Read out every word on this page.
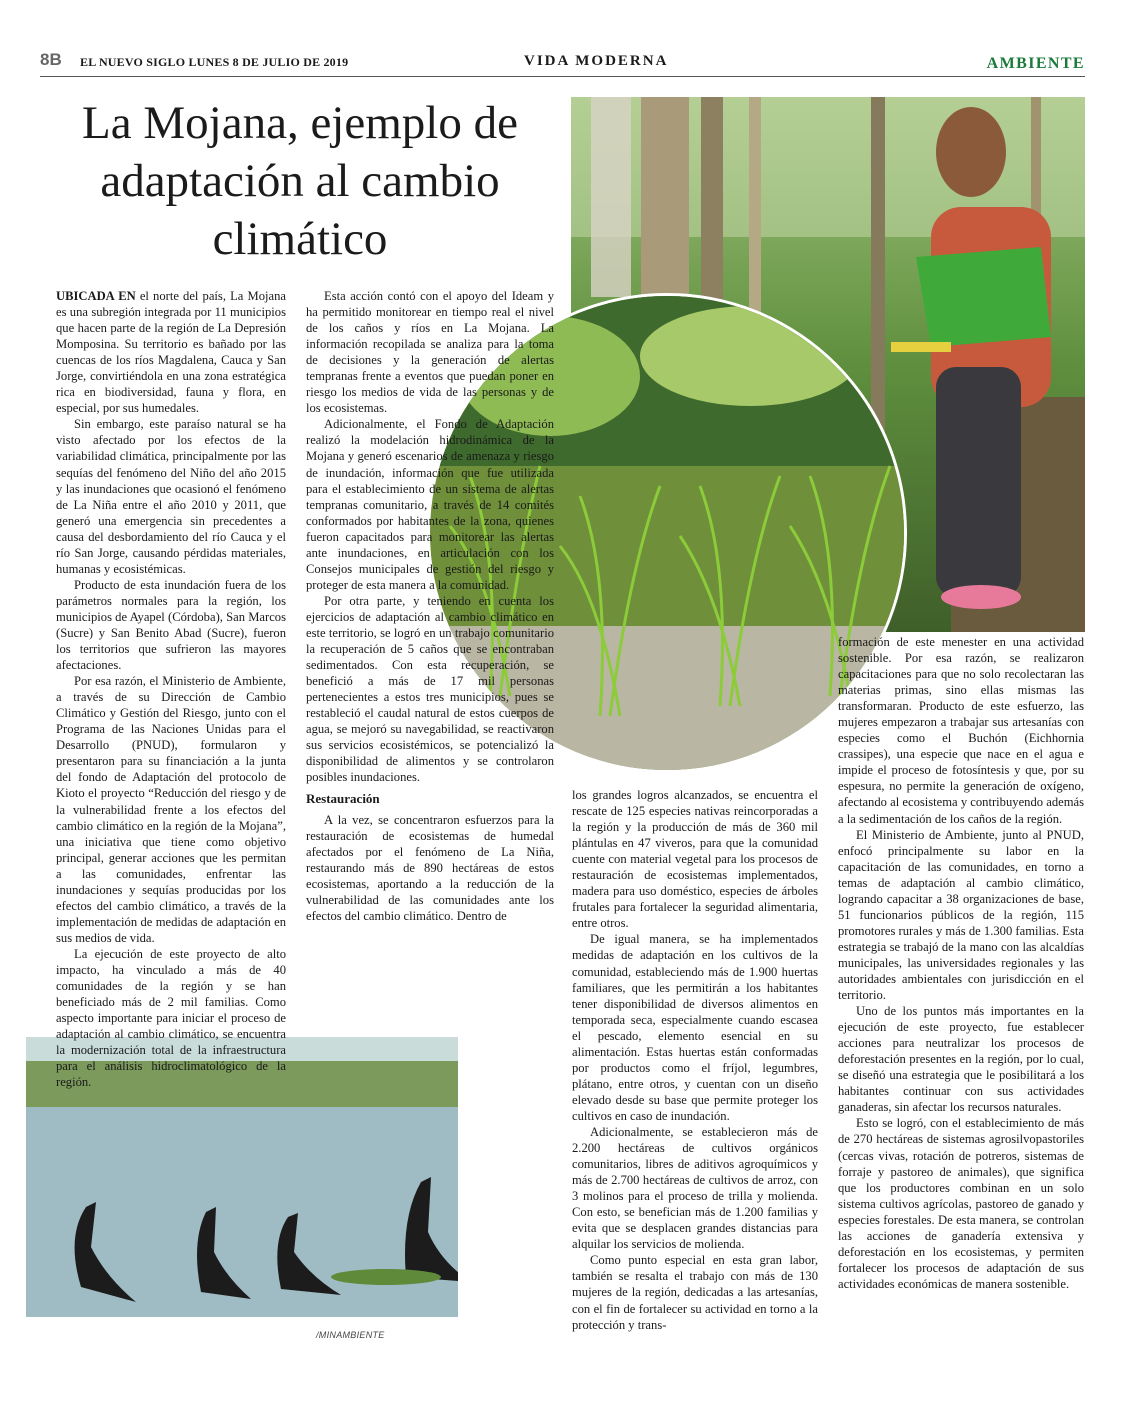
8B EL NUEVO SIGLO LUNES 8 DE JULIO DE 2019	VIDA MODERNA	AMBIENTE
La Mojana, ejemplo de adaptación al cambio climático
/MINAMBIENTE

UBICADA EN el norte del país, La Mojana es una subregión integrada por 11 municipios que hacen parte de la región de La Depresión Momposina. Su territorio es bañado por las cuencas de los ríos Magdalena, Cauca y San Jorge, convirtiéndola en una zona estratégica rica en biodiversidad, fauna y flora, en especial, por sus humedales.

Sin embargo, este paraíso natural se ha visto afectado por los efectos de la variabilidad climática, principalmente por las sequías del fenómeno del Niño del año 2015 y las inundaciones que ocasionó el fenómeno de La Niña entre el año 2010 y 2011, que generó una emergencia sin precedentes a causa del desbordamiento del río Cauca y el río San Jorge, causando pérdidas materiales, humanas y ecosistémicas.

Producto de esta inundación fuera de los parámetros normales para la región, los municipios de Ayapel (Córdoba), San Marcos (Sucre) y San Benito Abad (Sucre), fueron los territorios que sufrieron las mayores afectaciones.

Por esa razón, el Ministerio de Ambiente, a través de su Dirección de Cambio Climático y Gestión del Riesgo, junto con el Programa de las Naciones Unidas para el Desarrollo (PNUD), formularon y presentaron para su financiación a la junta del fondo de Adaptación del protocolo de Kioto el proyecto “Reducción del riesgo y de la vulnerabilidad frente a los efectos del cambio climático en la región de la Mojana”, una iniciativa que tiene como objetivo principal, generar acciones que les permitan a las comunidades, enfrentar las inundaciones y sequías producidas por los efectos del cambio climático, a través de la implementación de medidas de adaptación en sus medios de vida.

La ejecución de este proyecto de alto impacto, ha vinculado a más de 40 comunidades de la región y se han beneficiado más de 2 mil familias. Como aspecto importante para iniciar el proceso de adaptación al cambio climático, se encuentra la modernización total de la infraestructura para el análisis hidroclimatológico de la región.

Esta acción contó con el apoyo del Ideam y ha permitido monitorear en tiempo real el nivel de los caños y ríos en La Mojana. La información recopilada se analiza para la toma de decisiones y la generación de alertas tempranas frente a eventos que puedan poner en riesgo los medios de vida de las personas y de los ecosistemas.

Adicionalmente, el Fondo de Adaptación realizó la modelación hidrodinámica de la Mojana y generó escenarios de amenaza y riesgo de inundación, información que fue utilizada para el establecimiento de un sistema de alertas tempranas comunitario, a través de 14 comités conformados por habitantes de la zona, quienes fueron capacitados para monitorear las alertas ante inundaciones, en articulación con los Consejos municipales de gestión del riesgo y proteger de esta manera a la comunidad.

Por otra parte, y teniendo en cuenta los ejercicios de adaptación al cambio climático en este territorio, se logró en un trabajo comunitario la recuperación de 5 caños que se encontraban sedimentados. Con esta recuperación, se benefició a más de 17 mil personas pertenecientes a estos tres municipios, pues se restableció el caudal natural de estos cuerpos de agua, se mejoró su navegabilidad, se reactivaron sus servicios ecosistémicos, se potencializó la disponibilidad de alimentos y se controlaron posibles inundaciones.

Restauración

A la vez, se concentraron esfuerzos para la restauración de ecosistemas de humedal afectados por el fenómeno de La Niña, restaurando más de 890 hectáreas de estos ecosistemas, aportando a la reducción de la vulnerabilidad de las comunidades ante los efectos del cambio climático. Dentro de

los grandes logros alcanzados, se encuentra el rescate de 125 especies nativas reincorporadas a la región y la producción de más de 360 mil plántulas en 47 viveros, para que la comunidad cuente con material vegetal para los procesos de restauración de ecosistemas implementados, madera para uso doméstico, especies de árboles frutales para fortalecer la seguridad alimentaria, entre otros.

De igual manera, se ha implementados medidas de adaptación en los cultivos de la comunidad, estableciendo más de 1.900 huertas familiares, que les permitirán a los habitantes tener disponibilidad de diversos alimentos en temporada seca, especialmente cuando escasea el pescado, elemento esencial en su alimentación. Estas huertas están conformadas por productos como el fríjol, legumbres, plátano, entre otros, y cuentan con un diseño elevado desde su base que permite proteger los cultivos en caso de inundación.

Adicionalmente, se establecieron más de 2.200 hectáreas de cultivos orgánicos comunitarios, libres de aditivos agroquímicos y más de 2.700 hectáreas de cultivos de arroz, con 3 molinos para el proceso de trilla y molienda. Con esto, se benefician más de 1.200 familias y evita que se desplacen grandes distancias para alquilar los servicios de molienda.

Como punto especial en esta gran labor, también se resalta el trabajo con más de 130 mujeres de la región, dedicadas a las artesanías, con el fin de fortalecer su actividad en torno a la protección y trans-

formación de este menester en una actividad sostenible. Por esa razón, se realizaron capacitaciones para que no solo recolectaran las materias primas, sino ellas mismas las transformaran. Producto de este esfuerzo, las mujeres empezaron a trabajar sus artesanías con especies como el Buchón (Eichhornia crassipes), una especie que nace en el agua e impide el proceso de fotosíntesis y que, por su espesura, no permite la generación de oxígeno, afectando al ecosistema y contribuyendo además a la sedimentación de los caños de la región.

El Ministerio de Ambiente, junto al PNUD, enfocó principalmente su labor en la capacitación de las comunidades, en torno a temas de adaptación al cambio climático, logrando capacitar a 38 organizaciones de base, 51 funcionarios públicos de la región, 115 promotores rurales y más de 1.300 familias. Esta estrategia se trabajó de la mano con las alcaldías municipales, las universidades regionales y las autoridades ambientales con jurisdicción en el territorio.

Uno de los puntos más importantes en la ejecución de este proyecto, fue establecer acciones para neutralizar los procesos de deforestación presentes en la región, por lo cual, se diseñó una estrategia que le posibilitará a los habitantes continuar con sus actividades ganaderas, sin afectar los recursos naturales.

Esto se logró, con el establecimiento de más de 270 hectáreas de sistemas agrosilvopastoriles (cercas vivas, rotación de potreros, sistemas de forraje y pastoreo de animales), que significa que los productores combinan en un solo sistema cultivos agrícolas, pastoreo de ganado y especies forestales. De esta manera, se controlan las acciones de ganadería extensiva y deforestación en los ecosistemas, y permiten fortalecer los procesos de adaptación de sus actividades económicas de manera sostenible.
